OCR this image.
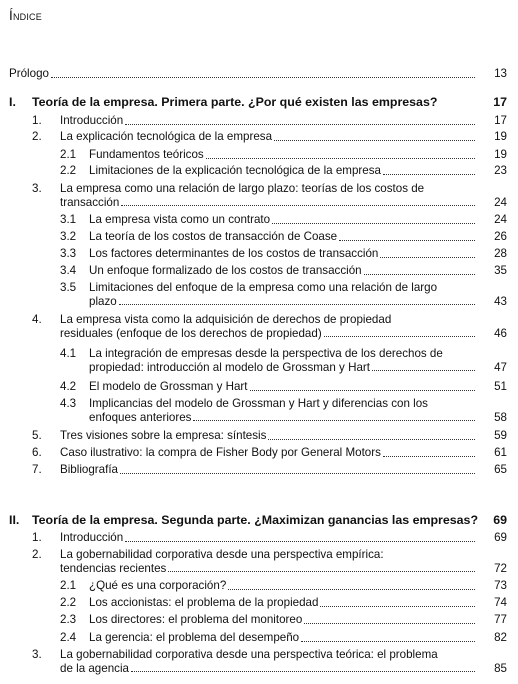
Índice
Prólogo	13
I. Teoría de la empresa. Primera parte. ¿Por qué existen las empresas?	17
1. Introducción	17
2. La explicación tecnológica de la empresa	19
2.1 Fundamentos teóricos	19
2.2 Limitaciones de la explicación tecnológica de la empresa	23
3. La empresa como una relación de largo plazo: teorías de los costos de
transacción	24
3.1 La empresa vista como un contrato	24
3.2 La teoría de los costos de transacción de Coase	26
3.3 Los factores determinantes de los costos de transacción	28
3.4 Un enfoque formalizado de los costos de transacción	35
3.5 Limitaciones del enfoque de la empresa como una relación de largo
plazo	43
4. La empresa vista como la adquisición de derechos de propiedad
residuales (enfoque de los derechos de propiedad)	46
4.1 La integración de empresas desde la perspectiva de los derechos de
propiedad: introducción al modelo de Grossman y Hart	47
4.2 El modelo de Grossman y Hart	51
4.3 Implicancias del modelo de Grossman y Hart y diferencias con los
enfoques anteriores	58
5. Tres visiones sobre la empresa: síntesis	59
6. Caso ilustrativo: la compra de Fisher Body por General Motors	61
7. Bibliografía	65
II. Teoría de la empresa. Segunda parte. ¿Maximizan ganancias las empresas? 69
1. Introducción	69
2. La gobernabilidad corporativa desde una perspectiva empírica:
tendencias recientes	72
2.1 ¿Qué es una corporación?	73
2.2 Los accionistas: el problema de la propiedad	74
2.3 Los directores: el problema del monitoreo	77
2.4 La gerencia: el problema del desempeño	82
3. La gobernabilidad corporativa desde una perspectiva teórica: el problema
de la agencia	85
